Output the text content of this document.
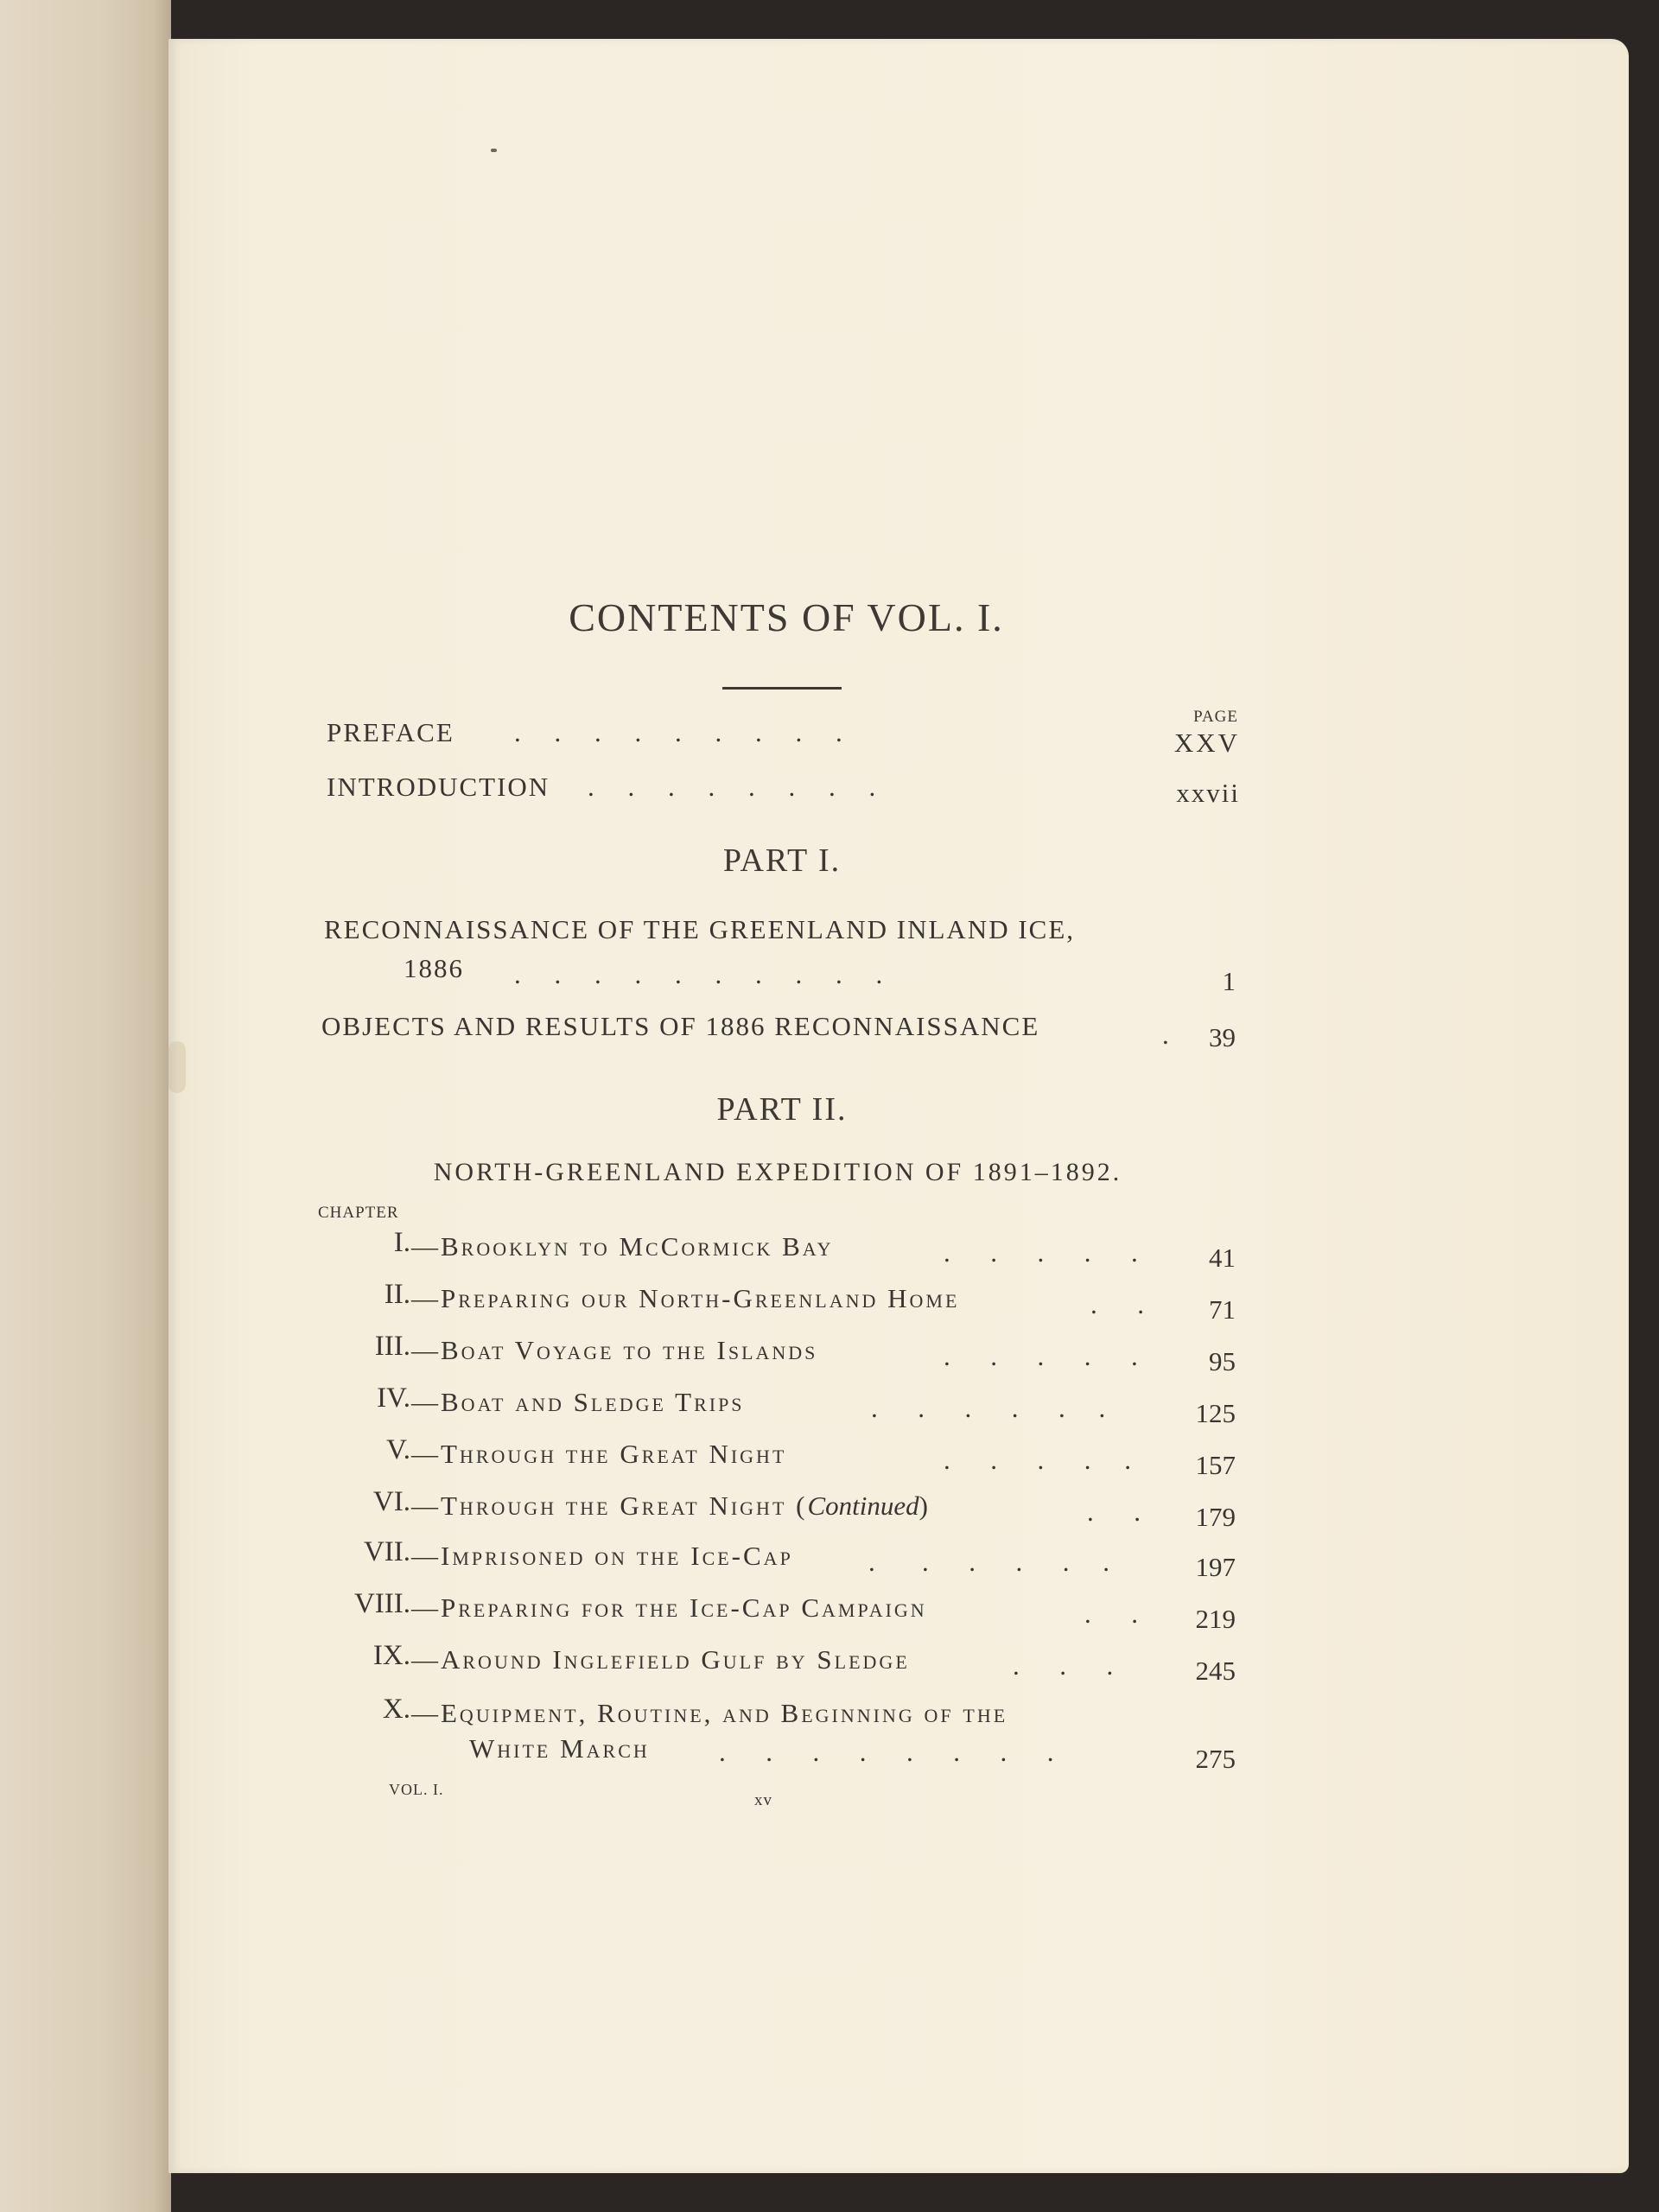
CONTENTS OF VOL. I.
PAGE
PREFACE .     .     .     .     .     .     .     .     .	XXV
INTRODUCTION .     .     .     .     .     .     .     .	xxvii
PART I.
RECONNAISSANCE OF THE GREENLAND INLAND ICE,
1886 .     .     .     .     .     .     .     .     .     .	1
OBJECTS AND RESULTS OF 1886 RECONNAISSANCE	.	39
PART II.
NORTH-GREENLAND EXPEDITION OF 1891–1892.
CHAPTER
I. —Brooklyn to McCormick Bay	.      .      .      .      .	41
II. —Preparing our North-Greenland Home	.      .	71
III. —Boat Voyage to the Islands	.      .      .      .      .	95
IV. —Boat and Sledge Trips	.      .      .      .      .     .	125
V. —Through the Great Night	.      .      .      .     .	157
VI. —Through the Great Night (Continued)	.      .	179
VII. —Imprisoned on the Ice-Cap	.       .      .      .      .     .	197
VIII. —Preparing for the Ice-Cap Campaign	.      .	219
IX. —Around Inglefield Gulf by Sledge	.      .      .	245
X. —Equipment, Routine, and Beginning of the
White March	.      .      .      .      .      .      .      .	275
VOL. I.
xv
